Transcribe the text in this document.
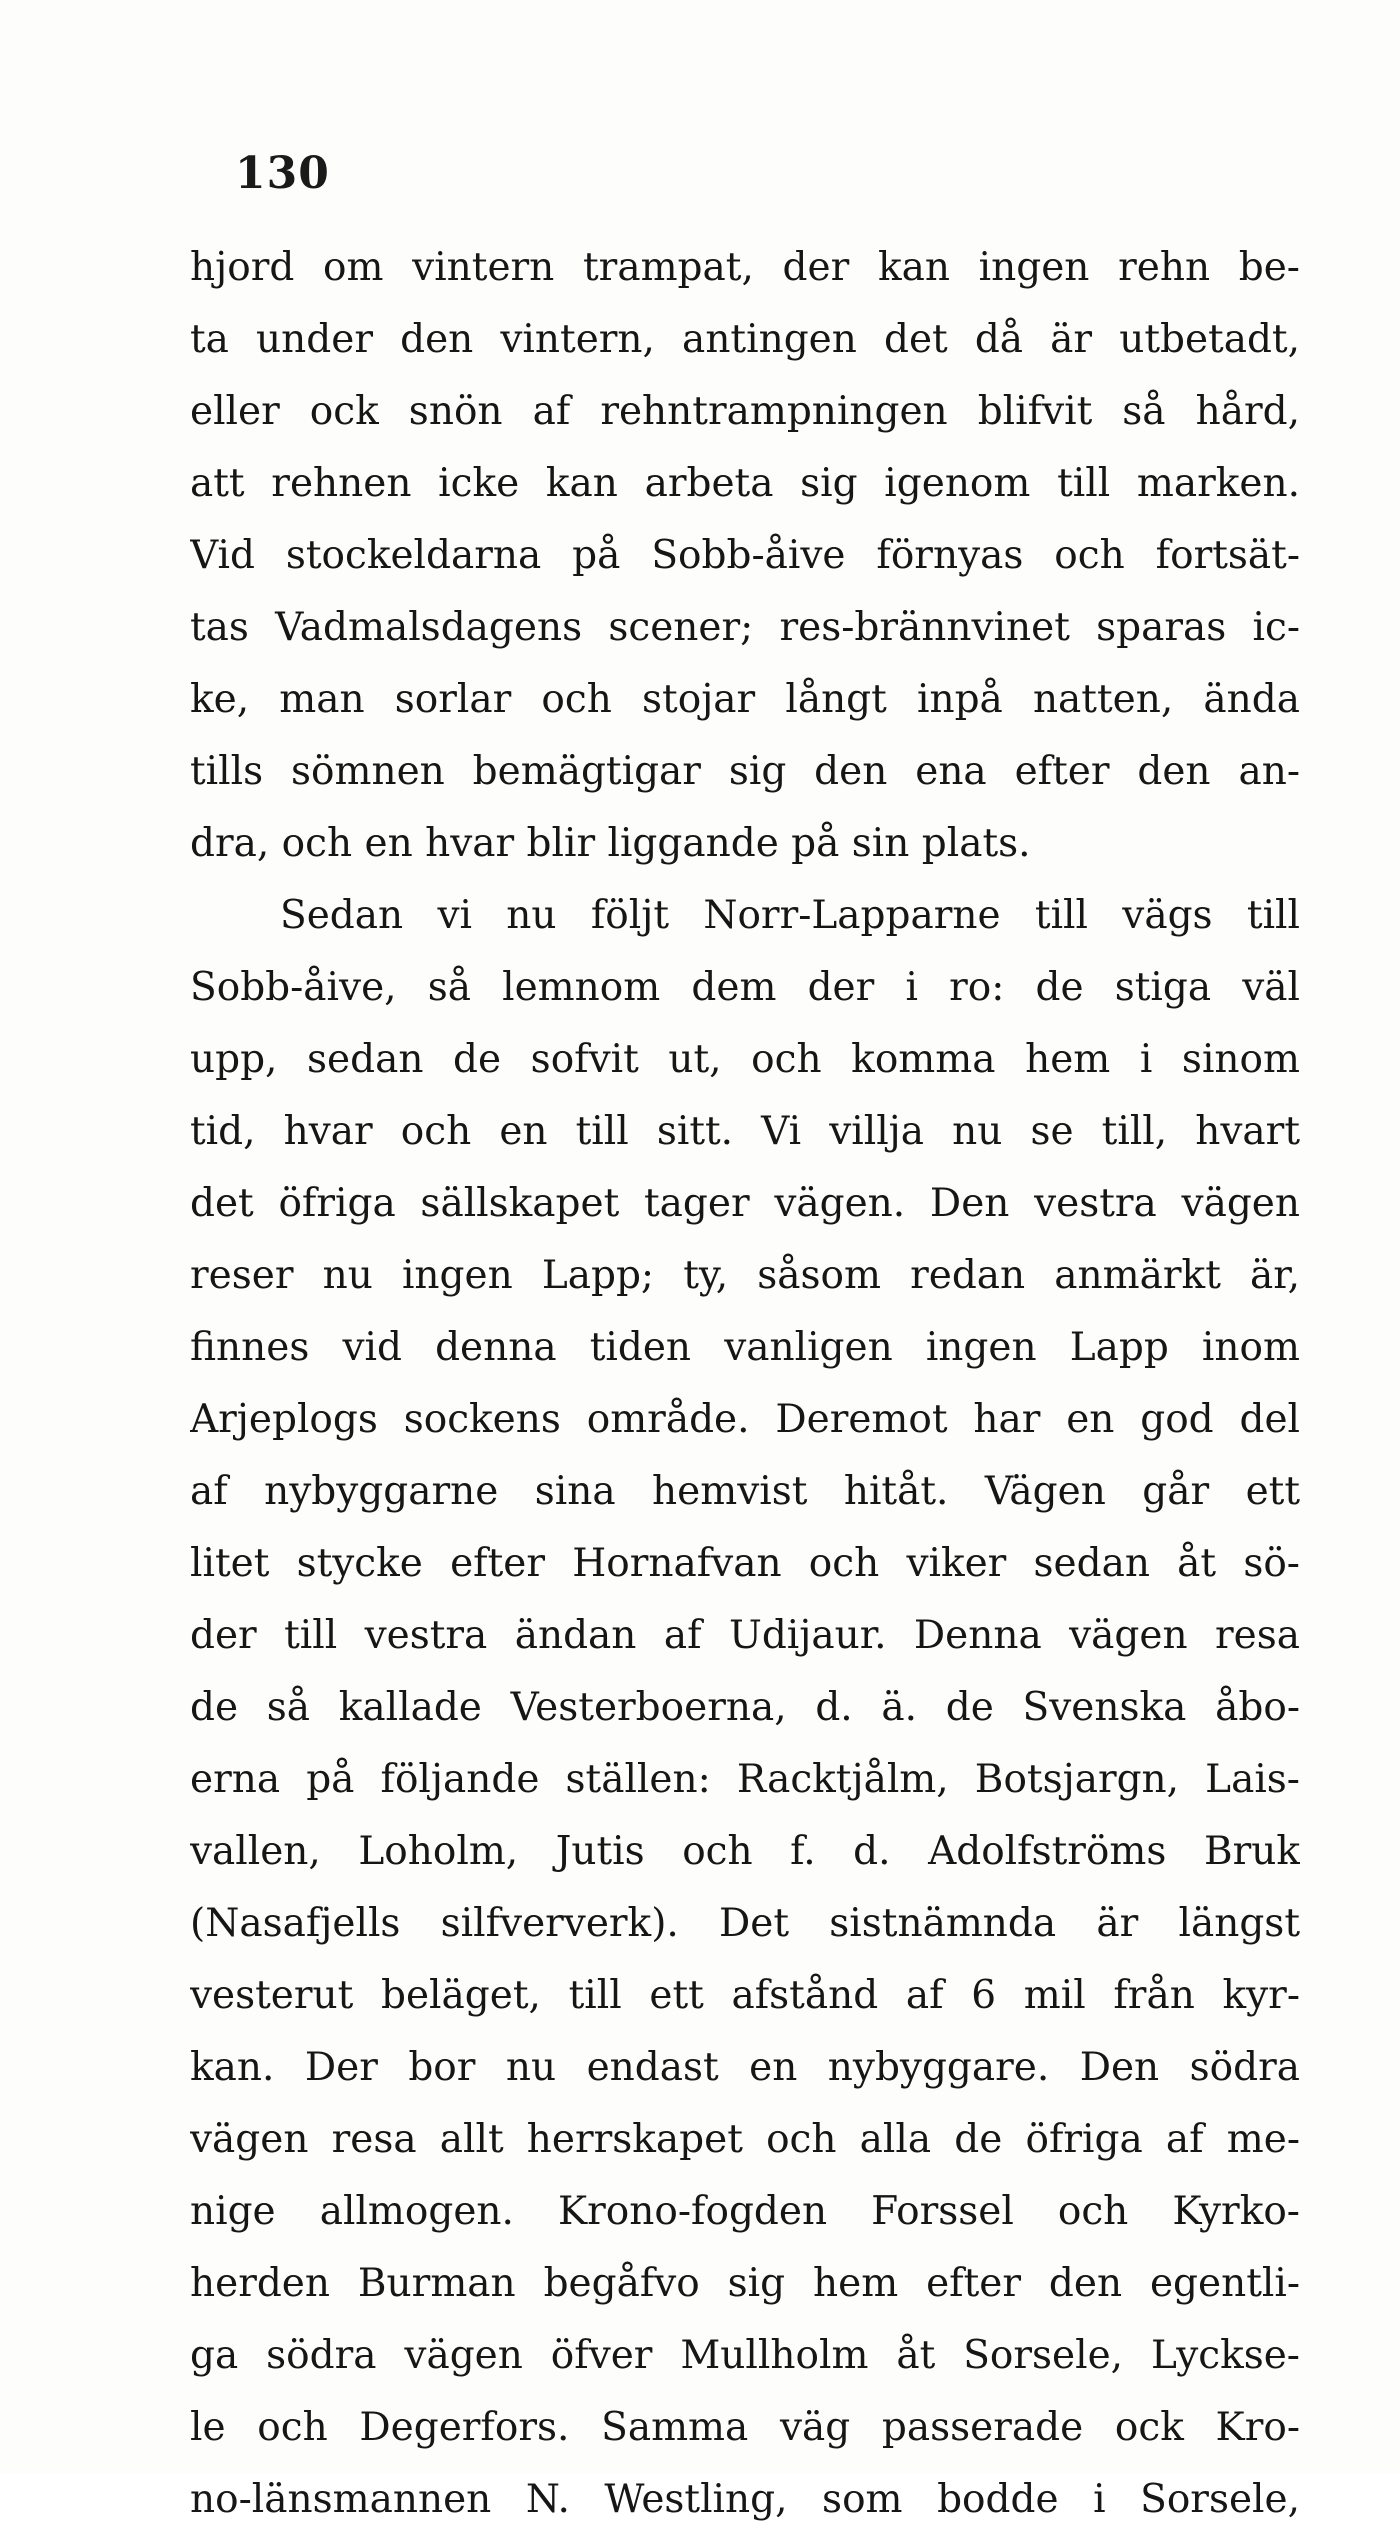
130
hjord om vintern trampat, der kan ingen rehn be-
ta under den vintern, antingen det då är utbetadt,
eller ock snön af rehntrampningen blifvit så hård,
att rehnen icke kan arbeta sig igenom till marken.
Vid stockeldarna på Sobb-åive förnyas och fortsät-
tas Vadmalsdagens scener; res-brännvinet sparas ic-
ke, man sorlar och stojar långt inpå natten, ända
tills sömnen bemägtigar sig den ena efter den an-
dra, och en hvar blir liggande på sin plats.
Sedan vi nu följt Norr-Lapparne till vägs till
Sobb-åive, så lemnom dem der i ro: de stiga väl
upp, sedan de sofvit ut, och komma hem i sinom
tid, hvar och en till sitt. Vi villja nu se till, hvart
det öfriga sällskapet tager vägen. Den vestra vägen
reser nu ingen Lapp; ty, såsom redan anmärkt är,
finnes vid denna tiden vanligen ingen Lapp inom
Arjeplogs sockens område. Deremot har en god del
af nybyggarne sina hemvist hitåt. Vägen går ett
litet stycke efter Hornafvan och viker sedan åt sö-
der till vestra ändan af Udijaur. Denna vägen resa
de så kallade Vesterboerna, d. ä. de Svenska åbo-
erna på följande ställen: Racktjålm, Botsjargn, Lais-
vallen, Loholm, Jutis och f. d. Adolfströms Bruk
(Nasafjells silfververk). Det sistnämnda är längst
vesterut beläget, till ett afstånd af 6 mil från kyr-
kan. Der bor nu endast en nybyggare. Den södra
vägen resa allt herrskapet och alla de öfriga af me-
nige allmogen. Krono-fogden Forssel och Kyrko-
herden Burman begåfvo sig hem efter den egentli-
ga södra vägen öfver Mullholm åt Sorsele, Lyckse-
le och Degerfors. Samma väg passerade ock Kro-
no-länsmannen N. Westling, som bodde i Sorsele,
